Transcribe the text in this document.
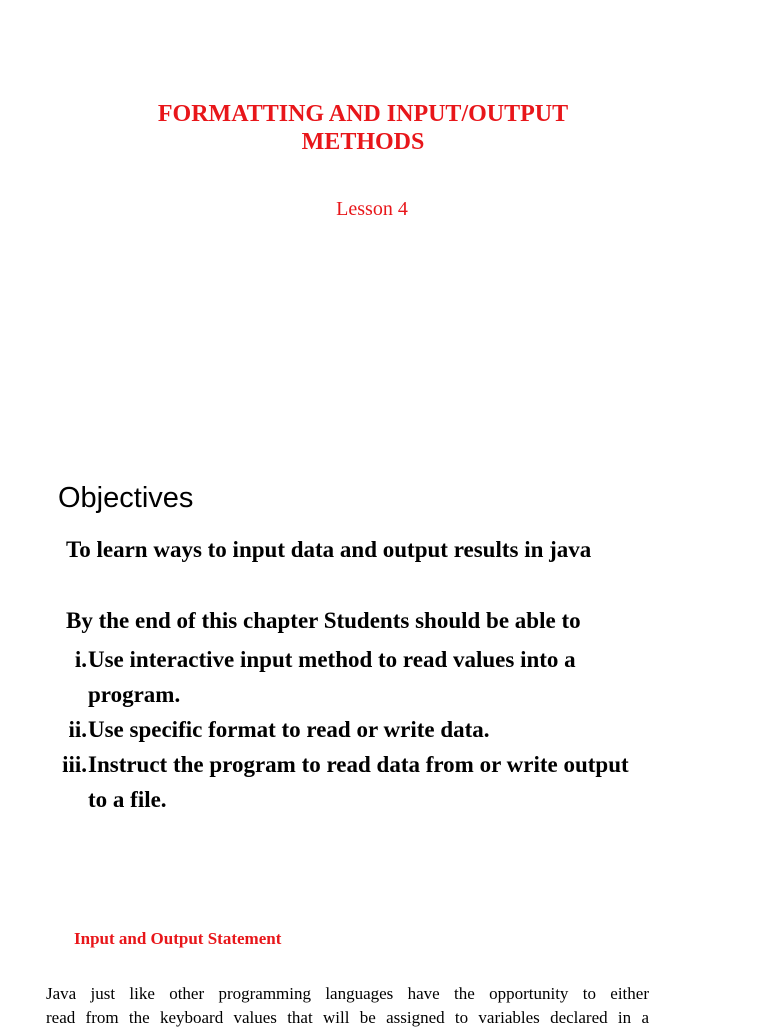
FORMATTING AND INPUT/OUTPUT
METHODS
Lesson 4
Objectives
To learn ways to input data and output results in java
By the end of this chapter Students should be able to
i. Use interactive input method to read values into a
program.
ii. Use specific format to read or write data.
iii. Instruct the program to read data from or write output
to a file.
Input and Output Statement
Java just like other programming languages have the opportunity to either
read from the keyboard values that will be assigned to variables declared in a
